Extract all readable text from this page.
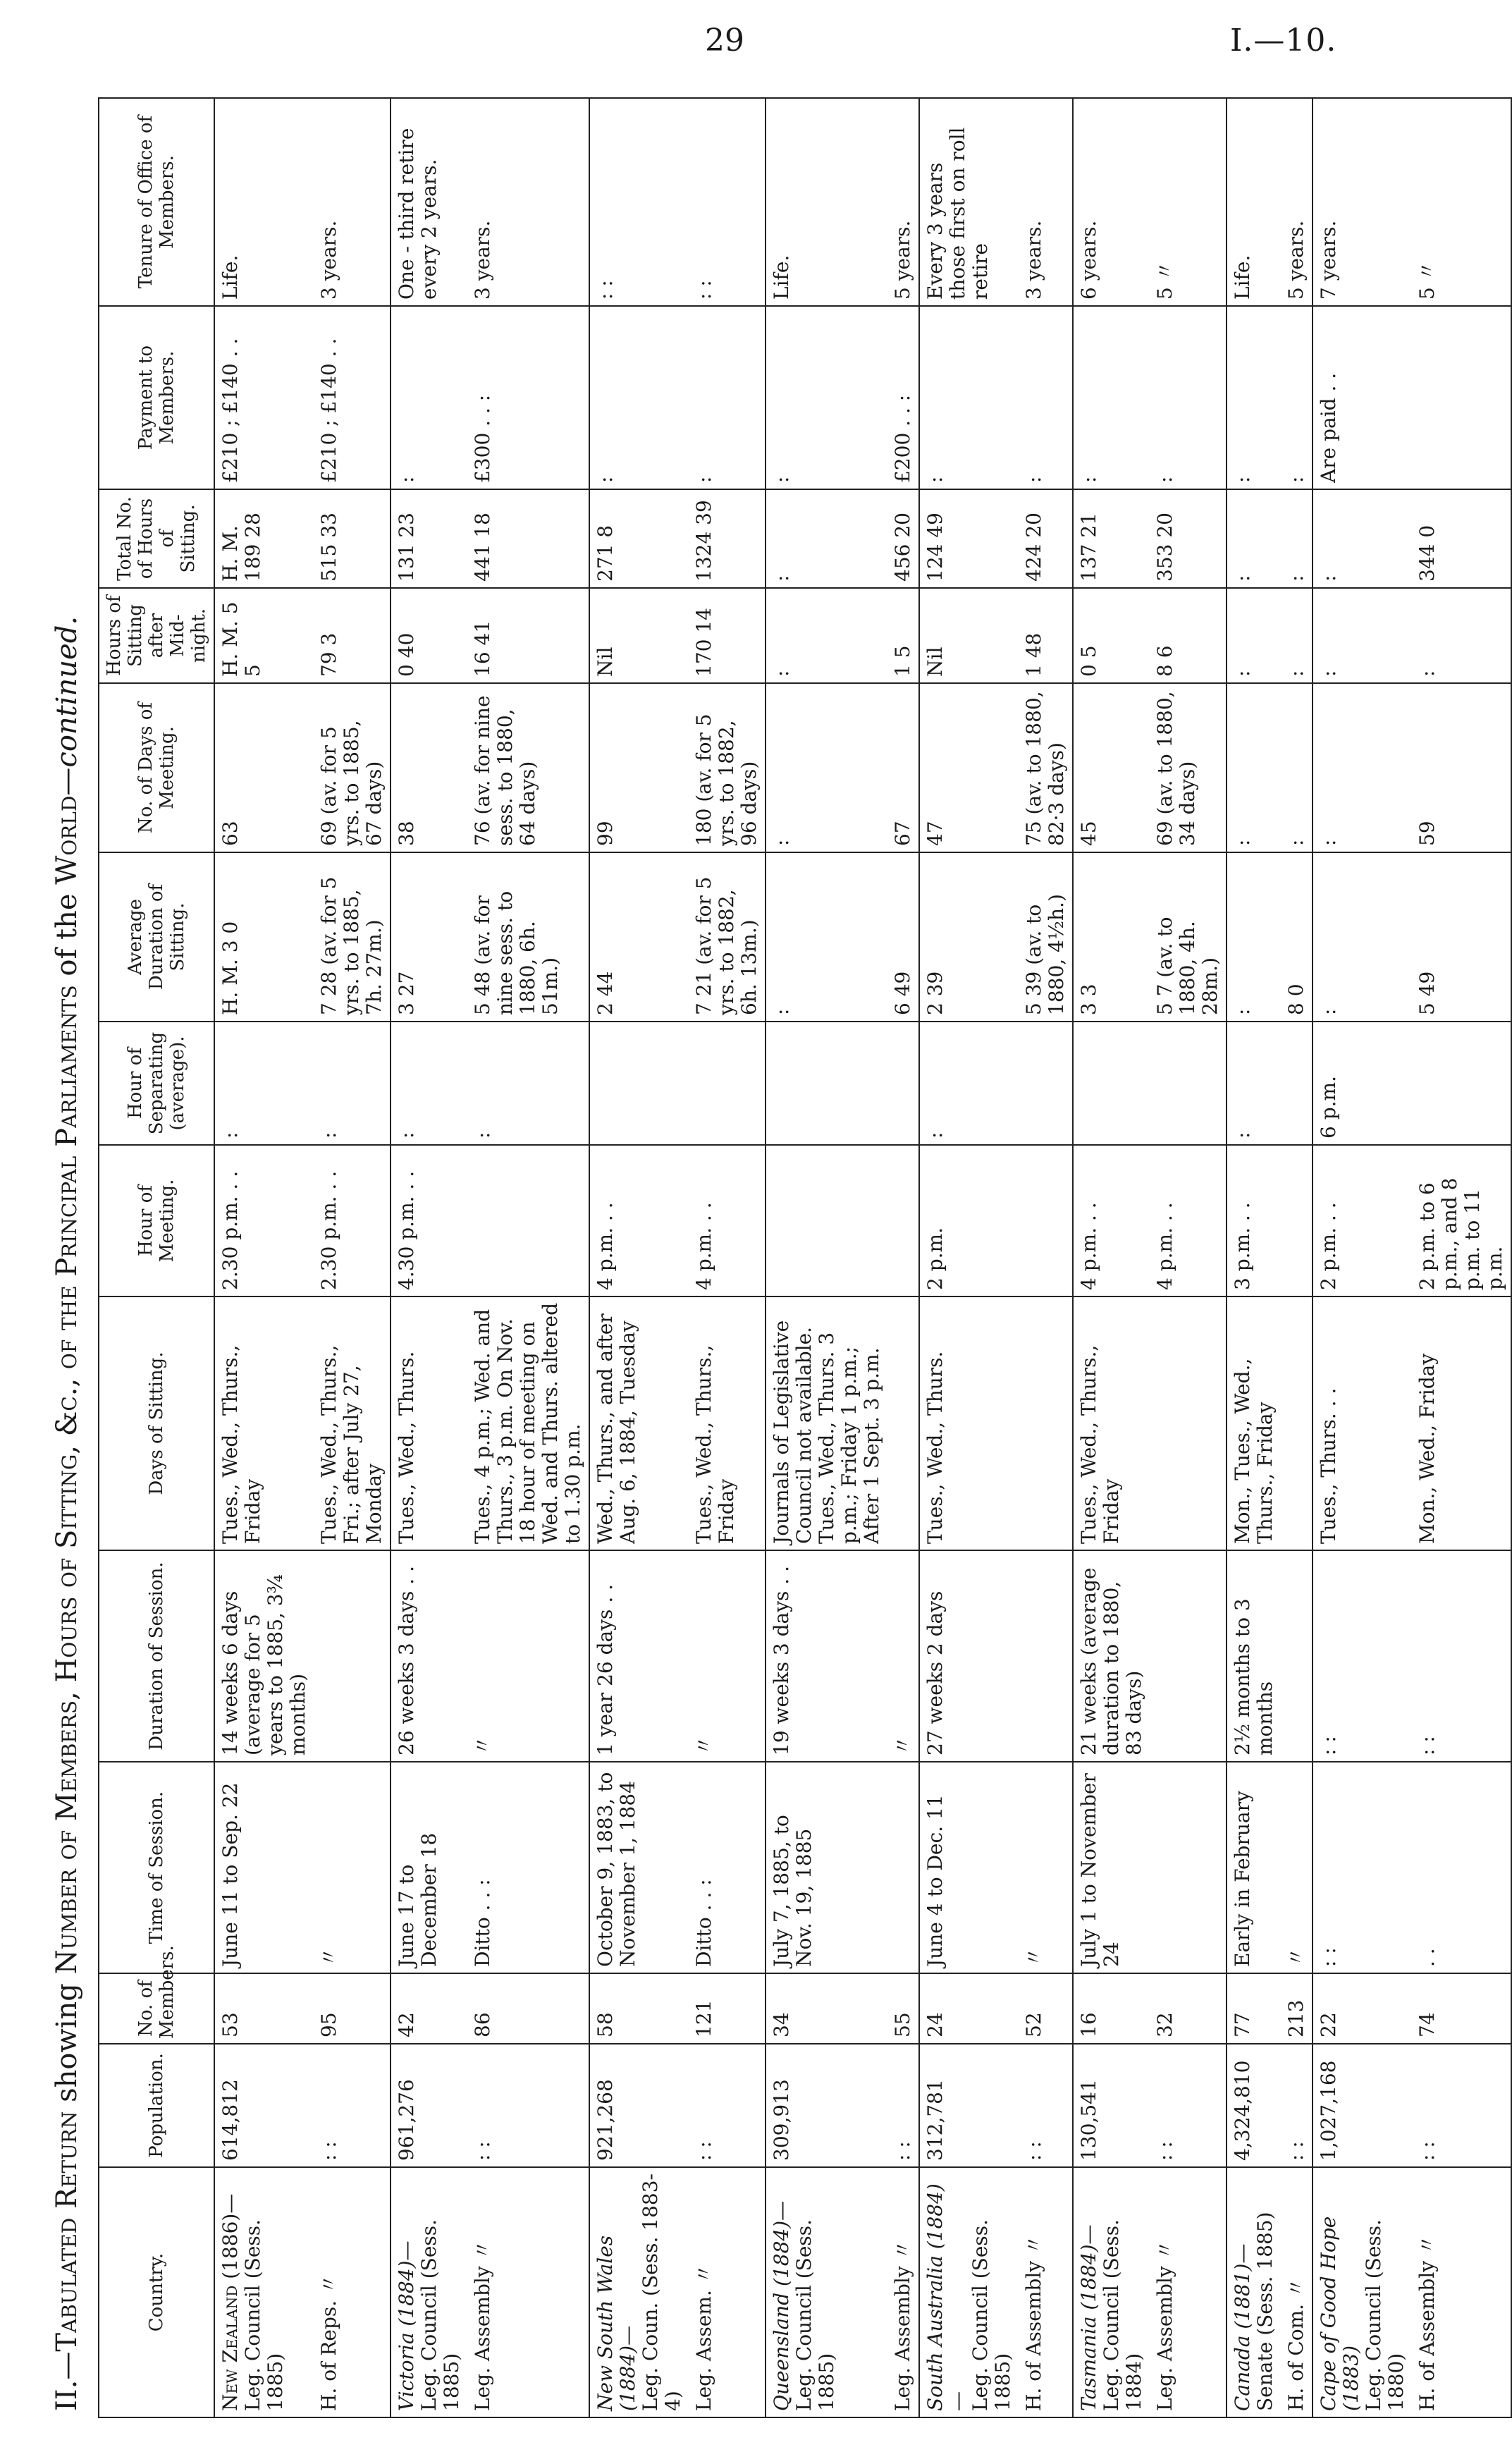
29	I.—10.
II.—Tabulated Return showing Number of Members, Hours of Sitting, &c., of the Principal Parliaments of the World—continued.
Country.	Population.	No. of Members.	Time of Session.	Duration of Session.	Days of Sitting.	Hour of Meeting.	Hour of Separating (average).	Average Duration of Sitting.	No. of Days of Meeting.	Hours of Sitting after Mid-night.	Total No. of Hours of Sitting.	Payment to Members.	Tenure of Office of Members.

New Zealand (1886)— Leg. Council (Sess. 1885)	614,812	53	June 11 to Sep. 22	14 weeks 6 days (average for 5 years to 1885, 3¾ months)	Tues., Wed., Thurs., Friday	2.30 p.m. . .	:	H. M. 3 0	63	H. M. 5 5	H. M. 189 28	£210 ; £140 . .	Life.

H. of Reps. 〃	: :	95	〃		Tues., Wed., Thurs., Fri.; after July 27, Monday	2.30 p.m. . .	:	7 28 (av. for 5 yrs. to 1885, 7h. 27m.)	69 (av. for 5 yrs. to 1885, 67 days)	79 3	515 33	£210 ; £140 . .	3 years.

Victoria (1884)— Leg. Council (Sess. 1885)	961,276	42	June 17 to December 18	26 weeks 3 days . .	Tues., Wed., Thurs.	4.30 p.m. . .	:	3 27	38	0 40	131 23	:	One - third retire every 2 years.

Leg. Assembly 〃	: :	86	Ditto . . :	〃	Tues., 4 p.m.; Wed. and Thurs., 3 p.m. On Nov. 18 hour of meeting on Wed. and Thurs. altered to 1.30 p.m.		:	5 48 (av. for nine sess. to 1880, 6h. 51m.)	76 (av. for nine sess. to 1880, 64 days)	16 41	441 18	£300 . . :	3 years.

New South Wales (1884)— Leg. Coun. (Sess. 1883-4)	921,268	58	October 9, 1883, to November 1, 1884	1 year 26 days . .	Wed., Thurs., and after Aug. 6, 1884, Tuesday	4 p.m. . .		2 44	99	Nil	271 8	:	: :

Leg. Assem. 〃	: :	121	Ditto . . :	〃	Tues., Wed., Thurs., Friday	4 p.m. . .		7 21 (av. for 5 yrs. to 1882, 6h. 13m.)	180 (av. for 5 yrs. to 1882, 96 days)	170 14	1324 39	:	: :

Queensland (1884)— Leg. Council (Sess. 1885)	309,913	34	July 7, 1885, to Nov. 19, 1885	19 weeks 3 days . .	Journals of Legislative Council not available. Tues., Wed., Thurs. 3 p.m.; Friday 1 p.m.; After 1 Sept. 3 p.m.			:	:	:	:	:	Life.

Leg. Assembly 〃	: :	55		〃				6 49	67	1 5	456 20	£200 . . :	5 years.

South Australia (1884)— Leg. Council (Sess. 1885)	312,781	24	June 4 to Dec. 11	27 weeks 2 days	Tues., Wed., Thurs.	2 p.m.	:	2 39	47	Nil	124 49	:	Every 3 years those first on roll retire

H. of Assembly 〃	: :	52	〃					5 39 (av. to 1880, 4½h.)	75 (av. to 1880, 82·3 days)	1 48	424 20	:	3 years.

Tasmania (1884)— Leg. Council (Sess. 1884)	130,541	16	July 1 to November 24	21 weeks (average duration to 1880, 83 days)	Tues., Wed., Thurs., Friday	4 p.m. . .		3 3	45	0 5	137 21	:	6 years.

Leg. Assembly 〃	: :	32				4 p.m. . .		5 7 (av. to 1880, 4h. 28m.)	69 (av. to 1880, 34 days)	8 6	353 20	:	5 〃

Canada (1881)— Senate (Sess. 1885)	4,324,810	77	Early in February	2½ months to 3 months	Mon., Tues., Wed., Thurs., Friday	3 p.m. . .	:	:	:	:	:	:	Life.

H. of Com. 〃	: :	213	〃					8 0	:	:	:	:	5 years.

Cape of Good Hope (1883) Leg. Council (Sess. 1880)	1,027,168	22	: :	: :	Tues., Thurs. . .	2 p.m. . .	6 p.m.	:	:	:	:	Are paid . .	7 years.

H. of Assembly 〃	: :	74	. .	: :	Mon., Wed., Friday	2 p.m. to 6 p.m., and 8 p.m. to 11 p.m.		5 49	59	:	344 0		5 〃
